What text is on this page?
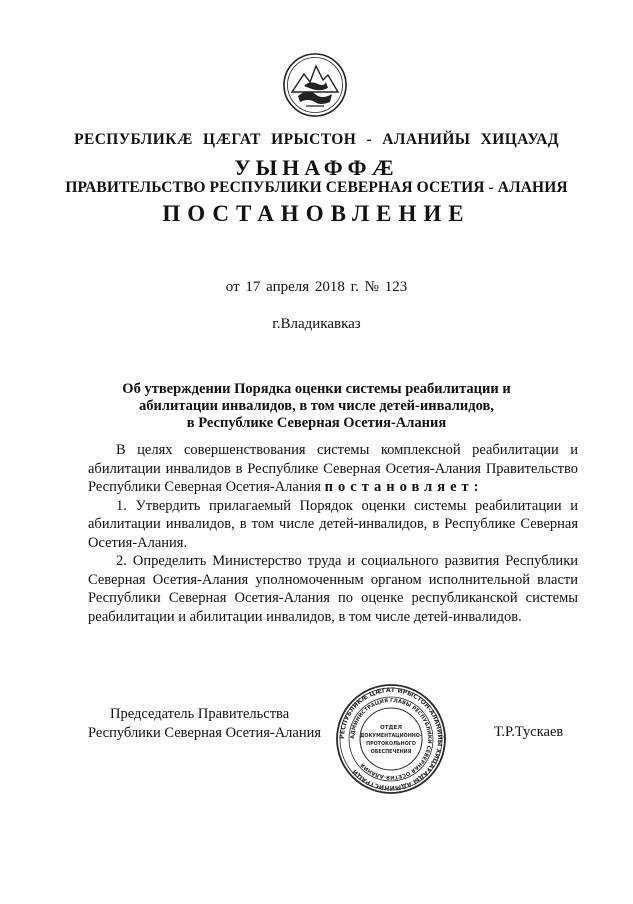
РЕСПУБЛИКӔ ЦӔГАТ ИРЫСТОН - АЛАНИЙЫ ХИЦАУАД
УЫНАФФӔ
ПРАВИТЕЛЬСТВО РЕСПУБЛИКИ СЕВЕРНАЯ ОСЕТИЯ - АЛАНИЯ
ПОСТАНОВЛЕНИЕ
от 17 апреля 2018 г. № 123
г.Владикавказ
Об утверждении Порядка оценки системы реабилитации и
абилитации инвалидов, в том числе детей-инвалидов,
в Республике Северная Осетия-Алания

В целях совершенствования системы комплексной реабилитации и абилитации инвалидов в Республике Северная Осетия-Алания Правительство Республики Северная Осетия-Алания постановляет:

1. Утвердить прилагаемый Порядок оценки системы реабилитации и абилитации инвалидов, в том числе детей-инвалидов, в Республике Северная Осетия-Алания.

2. Определить Министерство труда и социального развития Республики Северная Осетия-Алания уполномоченным органом исполнительной власти Республики Северная Осетия-Алания по оценке республиканской системы реабилитации и абилитации инвалидов, в том числе детей-инвалидов.

Председатель Правительства
Республики Северная Осетия-Алания	РЕСПУБЛИКӔ ЦӔГАТ ИРЫСТОН-АЛАНИЙЫ ХИЦАУАДЫ АДМИНИСТРАЦИ
АДМИНИСТРАЦИЯ ГЛАВЫ РЕСПУБЛИКИ СЕВЕРНАЯ ОСЕТИЯ-АЛАНИЯ
ОТДЕЛ
ДОКУМЕНТАЦИОННО-
ПРОТОКОЛЬНОГО
ОБЕСПЕЧЕНИЯ
Т.Р.Тускаев
